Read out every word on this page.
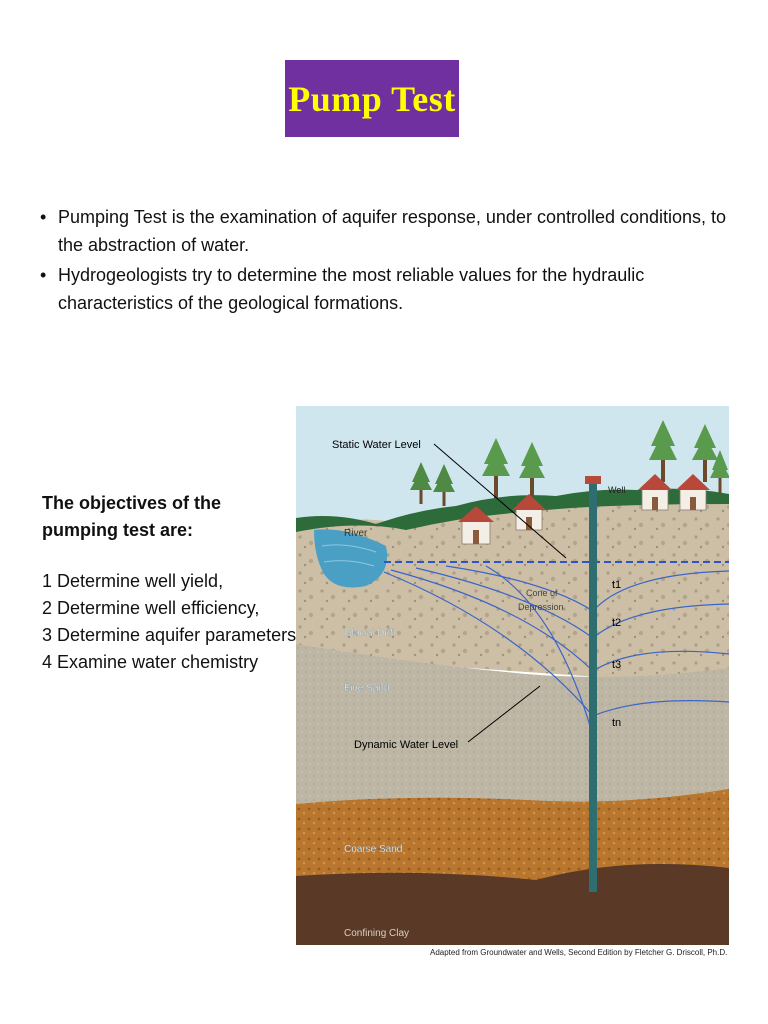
Pump Test
• Pumping Test is the examination of aquifer response, under controlled conditions, to the abstraction of water.
• Hydrogeologists try to determine the most reliable values for the hydraulic characteristics of the geological formations.
The objectives of the pumping test are:
1 Determine well yield,
2 Determine well efficiency,
3 Determine aquifer parameters
4 Examine water chemistry
Static Water Level
Well
River
Cone of
Depression
Glacial Drift
Fine Sand
Dynamic Water Level
Coarse Sand
Confining Clay
t1
t2
t3
tn
Adapted from Groundwater and Wells, Second Edition by Fletcher G. Driscoll, Ph.D.
